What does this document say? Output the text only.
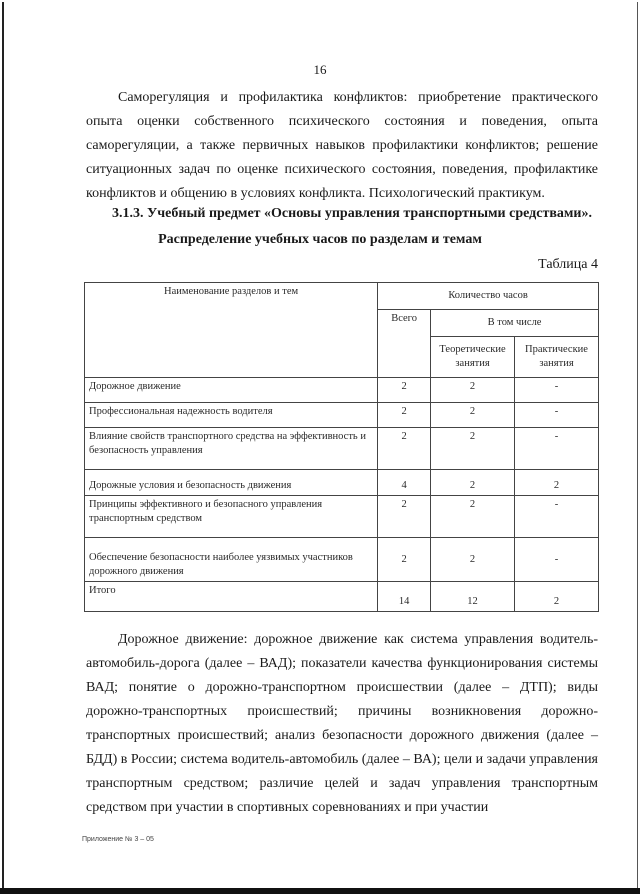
16

Саморегуляция и профилактика конфликтов: приобретение практического опыта оценки собственного психического состояния и поведения, опыта саморегуляции, а также первичных навыков профилактики конфликтов; решение ситуационных задач по оценке психического состояния, поведения, профилактике конфликтов и общению в условиях конфликта. Психологический практикум.

3.1.3. Учебный предмет «Основы управления транспортными средствами».
Распределение учебных часов по разделам и темам
Таблица 4
Наименование разделов и тем	Количество часов		
	Всего	В том числе	
		Теоретические занятия	Практические занятия
Дорожное движение	2	2	-
Профессиональная надежность водителя	2	2	-
Влияние свойств транспортного средства на эффективность и безопасность управления	2	2	-
Дорожные условия и безопасность движения	4	2	2
Принципы эффективного и безопасного управления транспортным средством	2	2	-
Обеспечение безопасности наиболее уязвимых участников дорожного движения	2	2	-
Итого	14	12	2

Дорожное движение: дорожное движение как система управления водитель-автомобиль-дорога (далее – ВАД); показатели качества функционирования системы ВАД; понятие о дорожно-транспортном происшествии (далее – ДТП); виды дорожно-транспортных происшествий; причины возникновения дорожно-транспортных происшествий; анализ безопасности дорожного движения (далее – БДД) в России; система водитель-автомобиль (далее – ВА); цели и задачи управления транспортным средством; различие целей и задач управления транспортным средством при участии в спортивных соревнованиях и при участии

Приложение № 3 – 05
